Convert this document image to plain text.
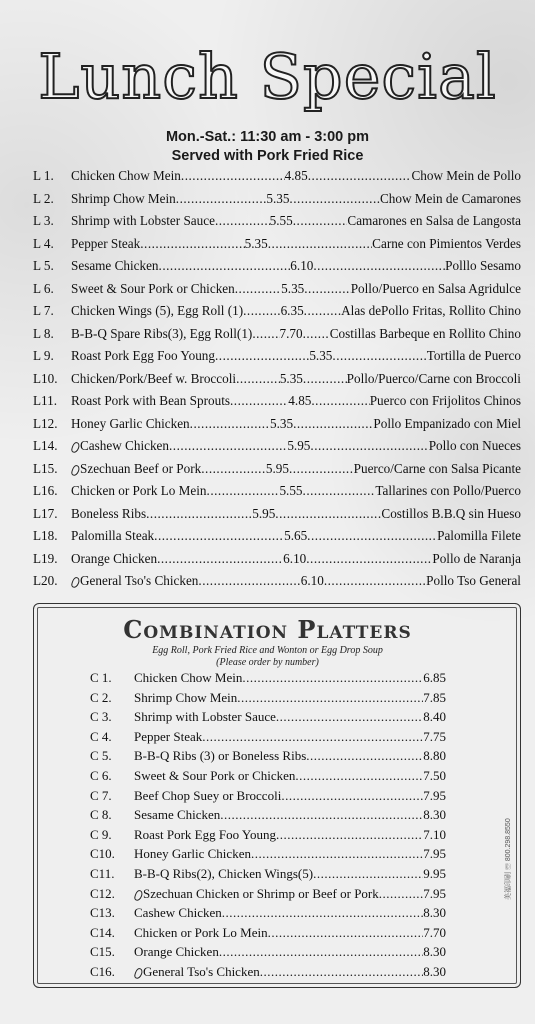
Lunch Special
Mon.-Sat.: 11:30 am - 3:00 pm
Served with Pork Fried Rice
L 1.	Chicken Chow Mein .....	4.85 .....	Chow Mein de Pollo
L 2.	Shrimp Chow Mein .....	5.35 .....	Chow Mein de Camarones
L 3.	Shrimp with Lobster Sauce .....	5.55 .....	Camarones en Salsa de Langosta
L 4.	Pepper Steak .....	5.35 .....	Carne con Pimientos Verdes
L 5.	Sesame Chicken .....	6.10 .....	Polllo Sesamo
L 6.	Sweet & Sour Pork or Chicken .....	5.35 .....	Pollo/Puerco en Salsa Agridulce
L 7.	Chicken Wings (5), Egg Roll (1) .....	6.35 .....	Alas dePollo Fritas, Rollito Chino
L 8.	B-B-Q Spare Ribs(3), Egg Roll(1) ..... 7.70 ..... Costillas Barbeque en Rollito Chino
L 9.	Roast Pork Egg Foo Young .....	5.35 .....	Tortilla de Puerco
L10.	Chicken/Pork/Beef w. Broccoli .....	5.35 .....	Pollo/Puerco/Carne con Broccoli
L11.	Roast Pork with Bean Sprouts .....	4.85 .....	Puerco con Frijolitos Chinos
L12.	Honey Garlic Chicken .....	5.35 .....	Pollo Empanizado con Miel
L14.	Cashew Chicken .....	5.95 .....	Pollo con Nueces
L15.	Szechuan Beef or Pork .....	5.95 .....	Puerco/Carne con Salsa Picante
L16.	Chicken or Pork Lo Mein .....	5.55 .....	Tallarines con Pollo/Puerco
L17.	Boneless Ribs .....	5.95 .....	Costillos B.B.Q sin Hueso
L18.	Palomilla Steak .....	5.65 .....	Palomilla Filete
L19.	Orange Chicken .....	6.10 .....	Pollo de Naranja
L20.	General Tso's Chicken .....	6.10 .....	Pollo Tso General
Combination Platters
Egg Roll, Pork Fried Rice and Wonton or Egg Drop Soup
(Please order by number)
C 1.	Chicken Chow Mein .....	6.85
C 2.	Shrimp Chow Mein .....	7.85
C 3.	Shrimp with Lobster Sauce .....	8.40
C 4.	Pepper Steak .....	7.75
C 5.	B-B-Q Ribs (3) or Boneless Ribs .....	8.80
C 6.	Sweet & Sour Pork or Chicken .....	7.50
C 7.	Beef Chop Suey or Broccoli .....	7.95
C 8.	Sesame Chicken .....	8.30
C 9.	Roast Pork Egg Foo Young .....	7.10
C10.	Honey Garlic Chicken .....	7.95
C11.	B-B-Q Ribs(2), Chicken Wings(5) .....	9.95
C12.	Szechuan Chicken or Shrimp or Beef or Pork .....	7.95
C13.	Cashew Chicken .....	8.30
C14.	Chicken or Pork Lo Mein .....	7.70
C15.	Orange Chicken .....	8.30
C16.	General Tso's Chicken .....	8.30
美福印刷 ☏ 800.298.8550
